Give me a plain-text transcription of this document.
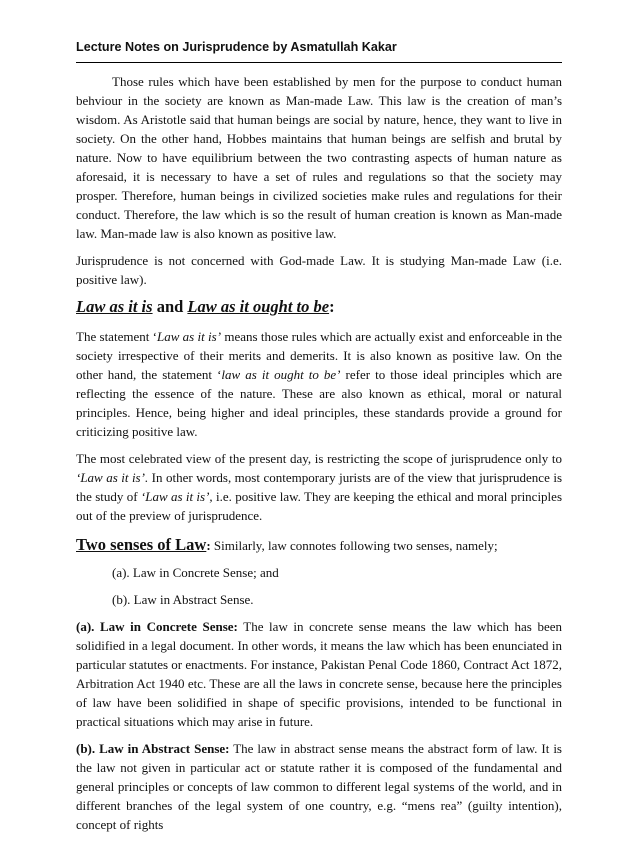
Lecture Notes on Jurisprudence by Asmatullah Kakar

Those rules which have been established by men for the purpose to conduct human behviour in the society are known as Man-made Law. This law is the creation of man’s wisdom. As Aristotle said that human beings are social by nature, hence, they want to live in society. On the other hand, Hobbes maintains that human beings are selfish and brutal by nature. Now to have equilibrium between the two contrasting aspects of human nature as aforesaid, it is necessary to have a set of rules and regulations so that the society may prosper. Therefore, human beings in civilized societies make rules and regulations for their conduct. Therefore, the law which is so the result of human creation is known as Man-made law. Man-made law is also known as positive law.

Jurisprudence is not concerned with God-made Law. It is studying Man-made Law (i.e. positive law).

Law as it is and Law as it ought to be:

The statement ‘Law as it is’ means those rules which are actually exist and enforceable in the society irrespective of their merits and demerits. It is also known as positive law. On the other hand, the statement ‘law as it ought to be’ refer to those ideal principles which are reflecting the essence of the nature. These are also known as ethical, moral or natural principles. Hence, being higher and ideal principles, these standards provide a ground for criticizing positive law.

The most celebrated view of the present day, is restricting the scope of jurisprudence only to ‘Law as it is’. In other words, most contemporary jurists are of the view that jurisprudence is the study of ‘Law as it is’, i.e. positive law. They are keeping the ethical and moral principles out of the preview of jurisprudence.

Two senses of Law: Similarly, law connotes following two senses, namely;
(a). Law in Concrete Sense; and
(b). Law in Abstract Sense.

(a). Law in Concrete Sense: The law in concrete sense means the law which has been solidified in a legal document. In other words, it means the law which has been enunciated in particular statutes or enactments. For instance, Pakistan Penal Code 1860, Contract Act 1872, Arbitration Act 1940 etc. These are all the laws in concrete sense, because here the principles of law have been solidified in shape of specific provisions, intended to be functional in practical situations which may arise in future.

(b). Law in Abstract Sense: The law in abstract sense means the abstract form of law. It is the law not given in particular act or statute rather it is composed of the fundamental and general principles or concepts of law common to different legal systems of the world, and in different branches of the legal system of one country, e.g. “mens rea” (guilty intention), concept of rights
